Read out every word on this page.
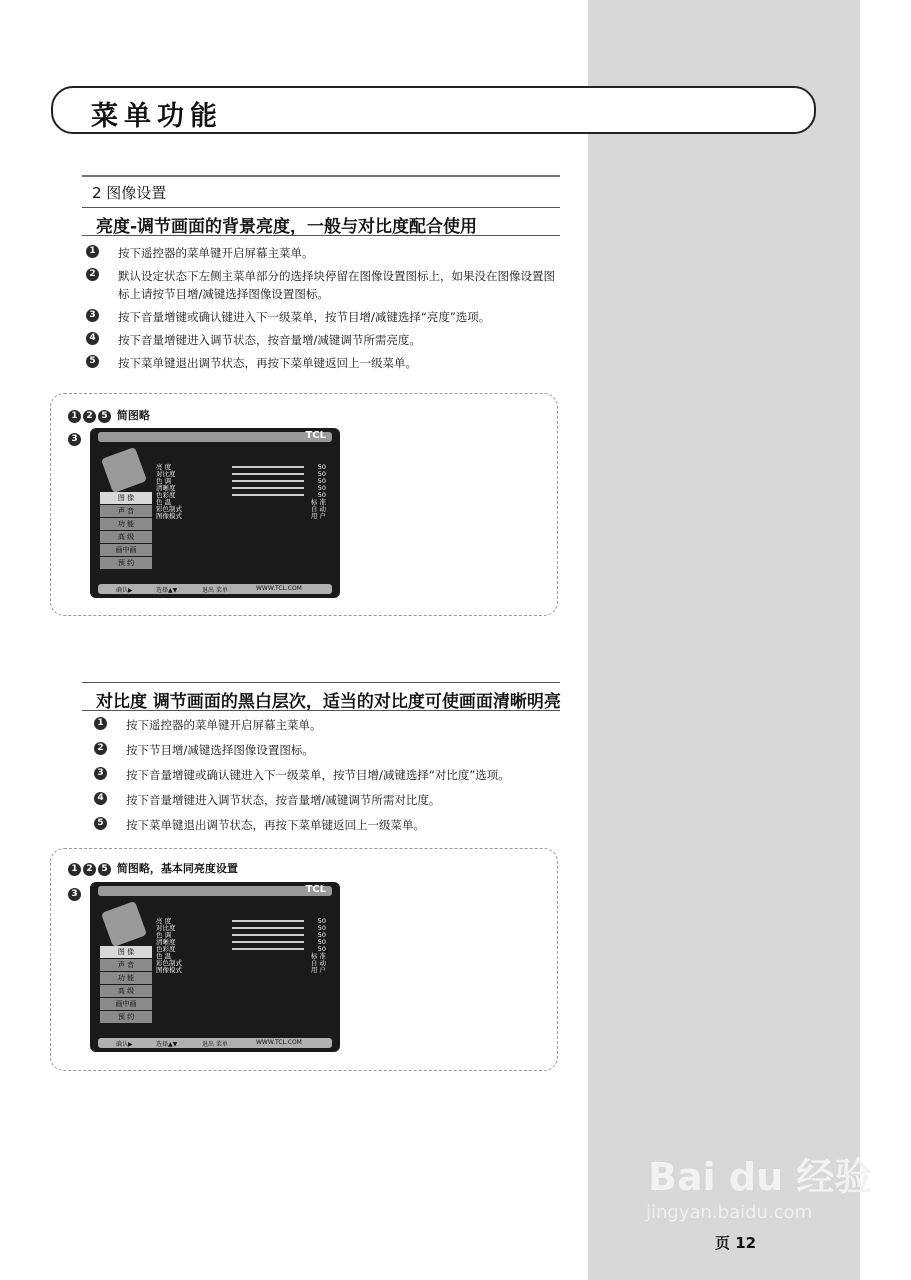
菜单功能
2 图像设置
亮度-调节画面的背景亮度，一般与对比度配合使用
1 按下遥控器的菜单键开启屏幕主菜单。
2 默认设定状态下左侧主菜单部分的选择块停留在图像设置图标上，如果没在图像设置图标上请按节目增/减键选择图像设置图标。
3 按下音量增键或确认键进入下一级菜单，按节目增/减键选择“亮度”选项。
4 按下音量增键进入调节状态，按音量增/减键调节所需亮度。
5 按下菜单键退出调节状态，再按下菜单键返回上一级菜单。
1 2 5 简图略
3	TCL
图 像
声 音
功 能
高 级
画中画
预 约
亮 度	50
对比度	50
色 调	50
清晰度	50
色彩度	50
色 温	标 准
彩色制式	自 动
图像模式	用 户
确认▶	选择▲▼	退出 菜单	WWW.TCL.COM
对比度 调节画面的黑白层次，适当的对比度可使画面清晰明亮
1 按下遥控器的菜单键开启屏幕主菜单。
2 按下节目增/减键选择图像设置图标。
3 按下音量增键或确认键进入下一级菜单，按节目增/减键选择“对比度”选项。
4 按下音量增键进入调节状态，按音量增/减键调节所需对比度。
5 按下菜单键退出调节状态，再按下菜单键返回上一级菜单。
1 2 5 简图略，基本同亮度设置
3	TCL
图 像
声 音
功 能
高 级
画中画
预 约
亮 度	50
对比度	50
色 调	50
清晰度	50
色彩度	50
色 温	标 准
彩色制式	自 动
图像模式	用 户
确认▶	选择▲▼	退出 菜单	WWW.TCL.COM
Bai du 经验
jingyan.baidu.com
页 12
